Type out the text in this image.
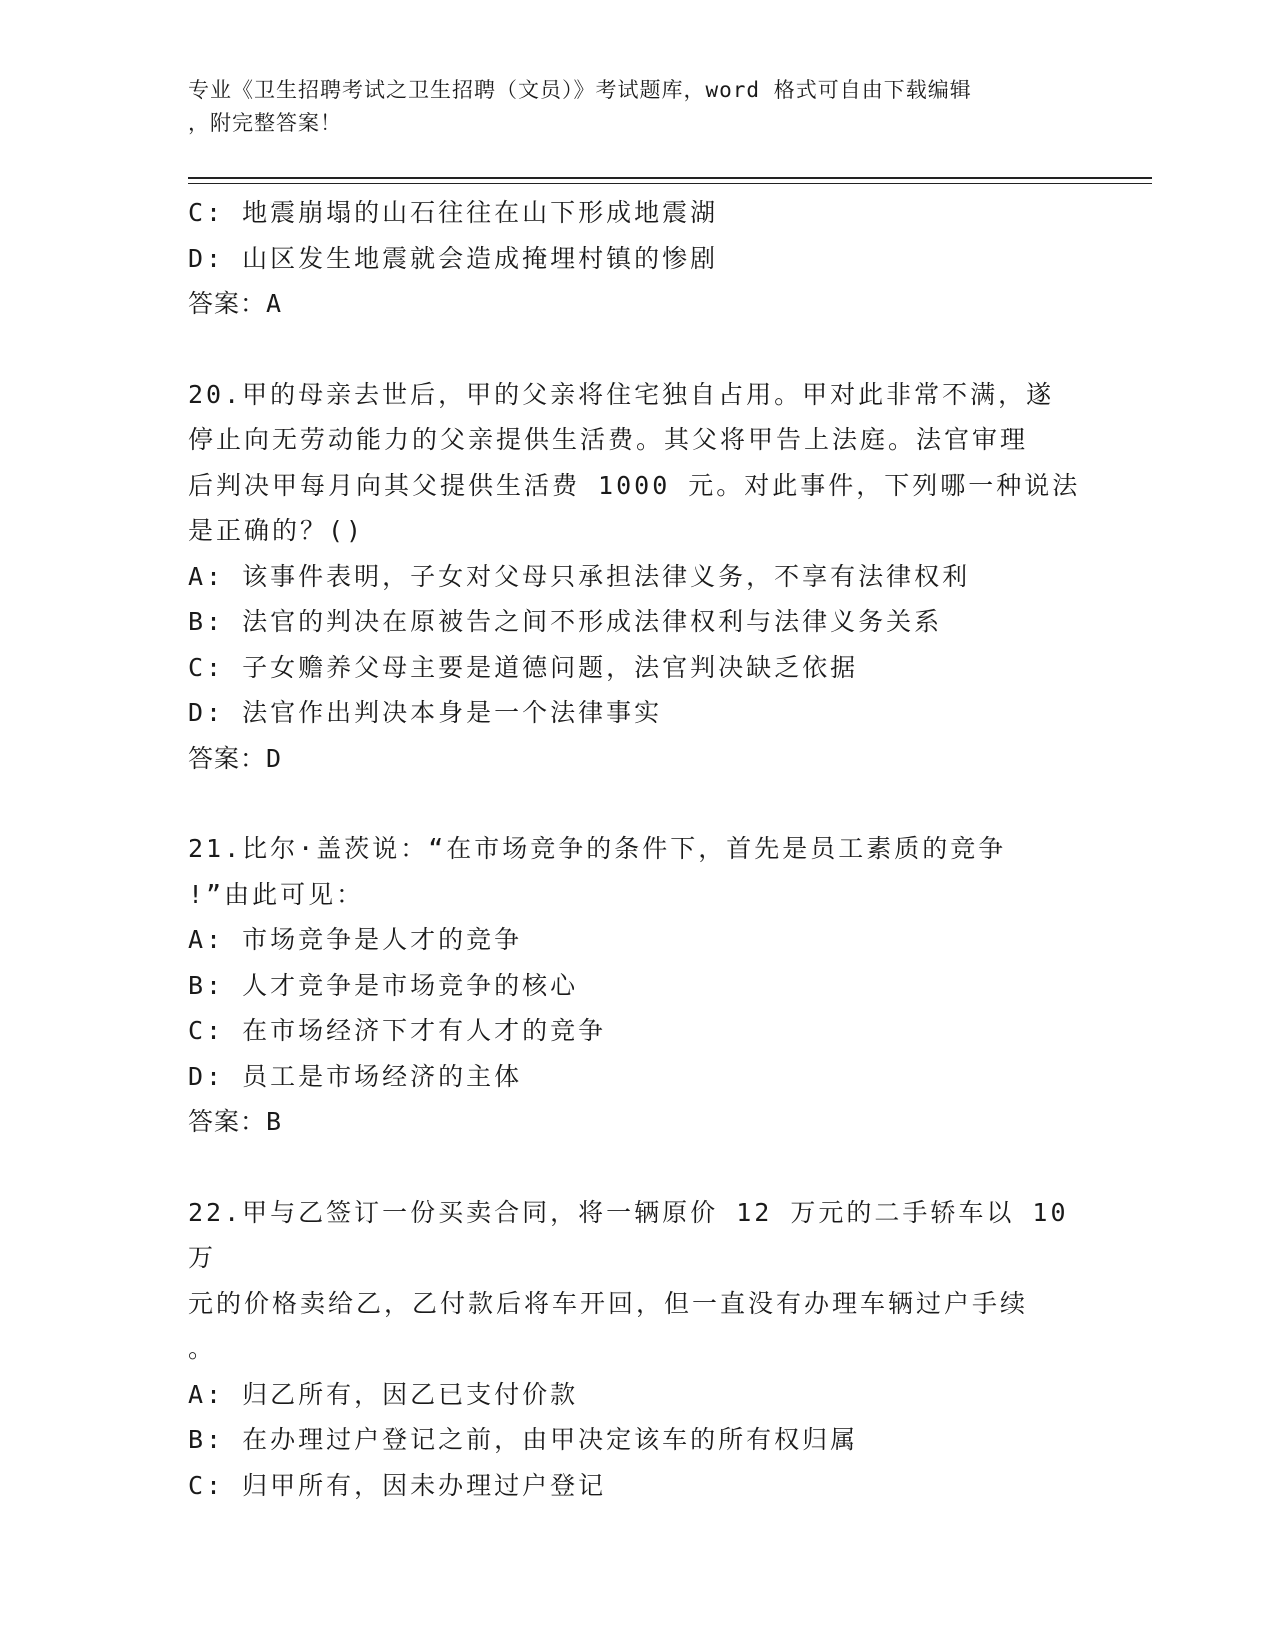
专业《卫生招聘考试之卫生招聘（文员）》考试题库，word 格式可自由下载编辑
，附完整答案！
C: 地震崩塌的山石往往在山下形成地震湖
D: 山区发生地震就会造成掩埋村镇的惨剧
答案：A
20.甲的母亲去世后，甲的父亲将住宅独自占用。甲对此非常不满，遂
停止向无劳动能力的父亲提供生活费。其父将甲告上法庭。法官审理
后判决甲每月向其父提供生活费 1000 元。对此事件，下列哪一种说法
是正确的？()
A: 该事件表明，子女对父母只承担法律义务，不享有法律权利
B: 法官的判决在原被告之间不形成法律权利与法律义务关系
C: 子女赡养父母主要是道德问题，法官判决缺乏依据
D: 法官作出判决本身是一个法律事实
答案：D
21.比尔·盖茨说：“在市场竞争的条件下，首先是员工素质的竞争
!”由此可见：
A: 市场竞争是人才的竞争
B: 人才竞争是市场竞争的核心
C: 在市场经济下才有人才的竞争
D: 员工是市场经济的主体
答案：B
22.甲与乙签订一份买卖合同，将一辆原价 12 万元的二手轿车以 10 万
元的价格卖给乙，乙付款后将车开回，但一直没有办理车辆过户手续
。
A: 归乙所有，因乙已支付价款
B: 在办理过户登记之前，由甲决定该车的所有权归属
C: 归甲所有，因未办理过户登记
